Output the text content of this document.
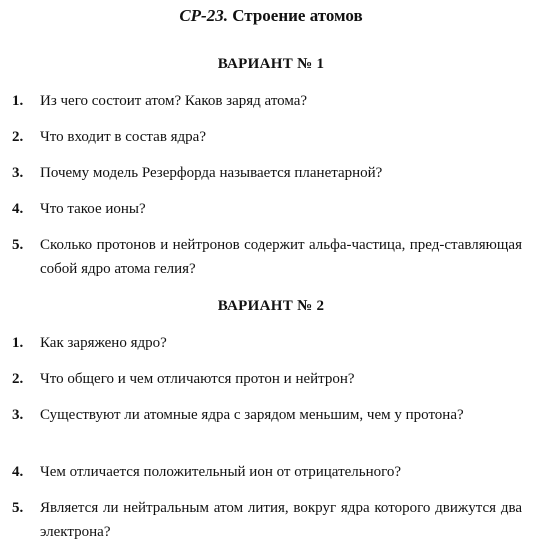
СР-23. Строение атомов
ВАРИАНТ № 1
1. Из чего состоит атом? Каков заряд атома?
2. Что входит в состав ядра?
3. Почему модель Резерфорда называется планетарной?
4. Что такое ионы?
5. Сколько протонов и нейтронов содержит альфа-частица, пред-ставляющая собой ядро атома гелия?
ВАРИАНТ № 2
1. Как заряжено ядро?
2. Что общего и чем отличаются протон и нейтрон?
3. Существуют ли атомные ядра с зарядом меньшим, чем у протона?
4. Чем отличается положительный ион от отрицательного?
5. Является ли нейтральным атом лития, вокруг ядра которого движутся два электрона?
